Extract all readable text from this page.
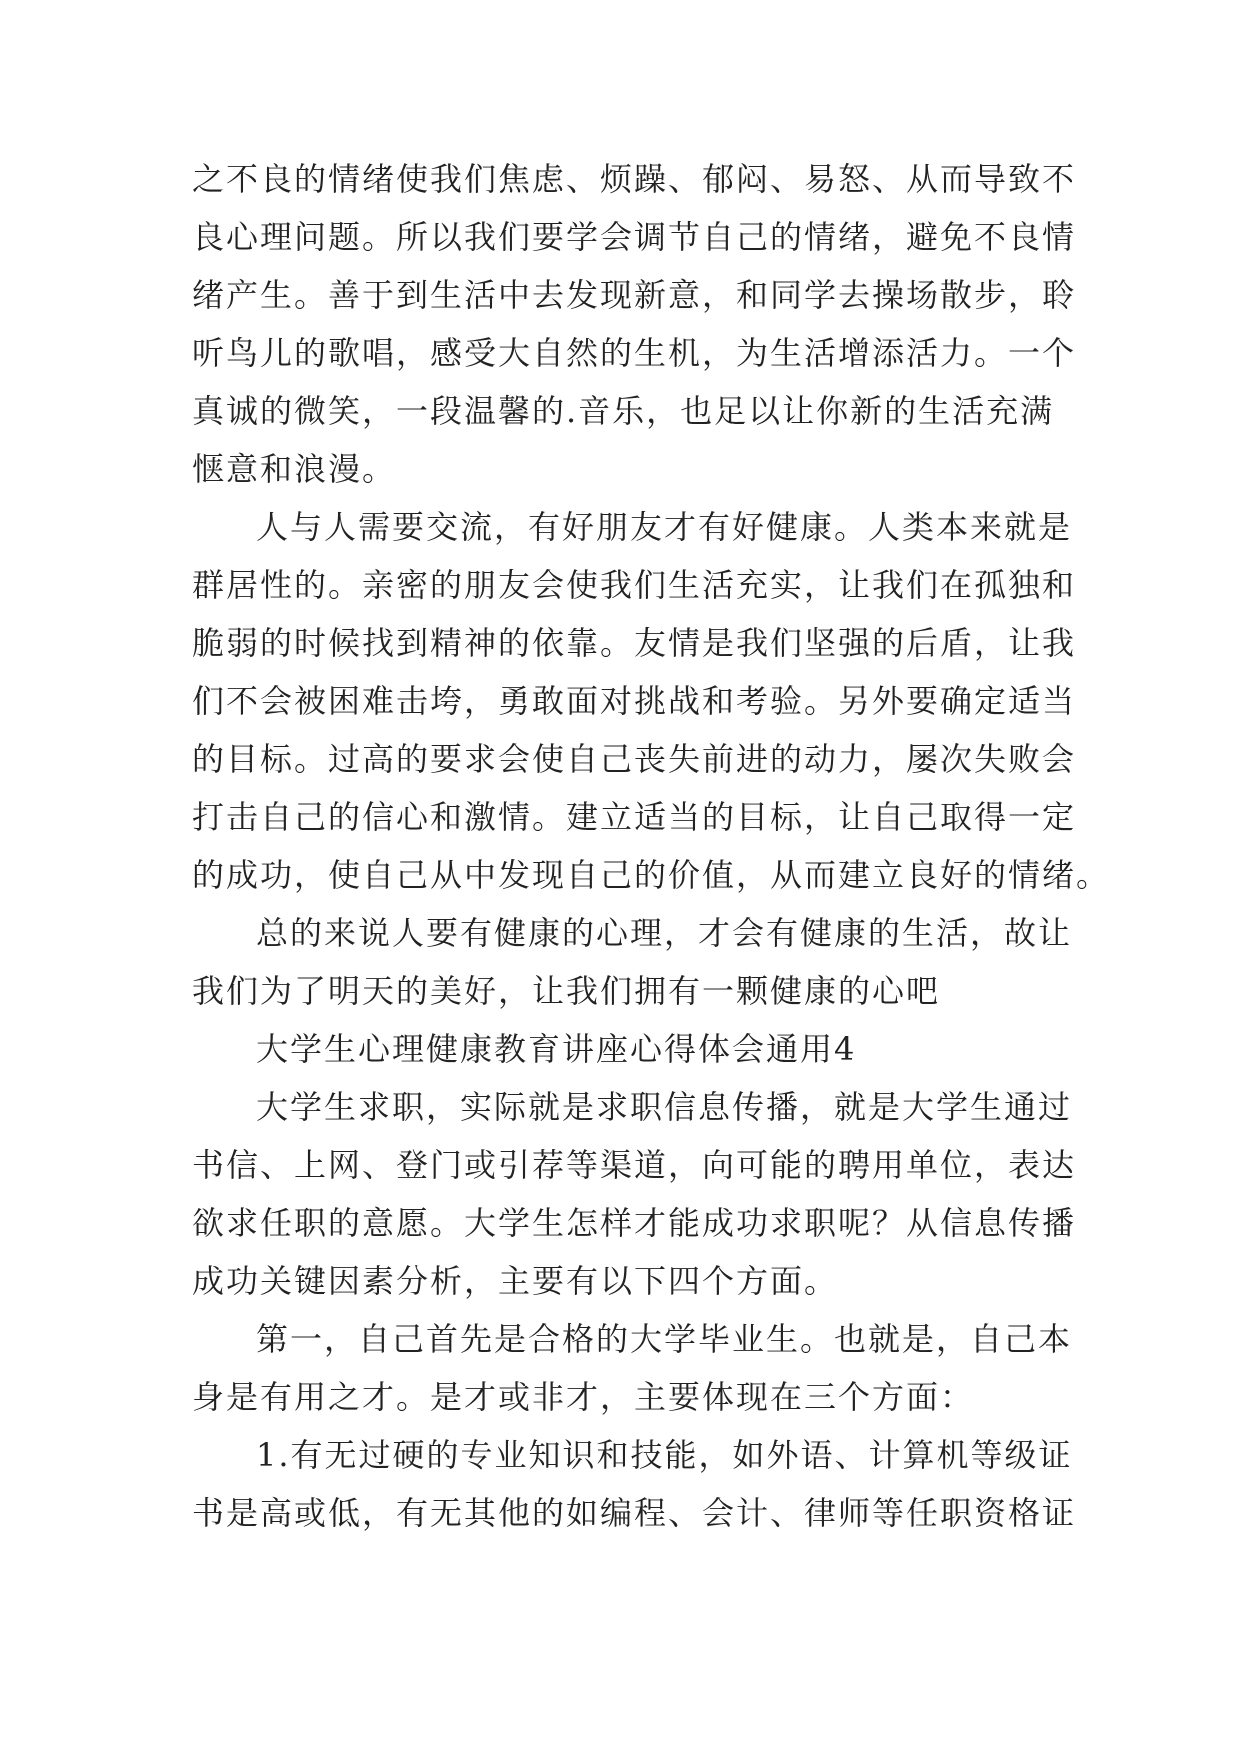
之不良的情绪使我们焦虑、烦躁、郁闷、易怒、从而导致不
良心理问题。所以我们要学会调节自己的情绪，避免不良情
绪产生。善于到生活中去发现新意，和同学去操场散步，聆
听鸟儿的歌唱，感受大自然的生机，为生活增添活力。一个
真诚的微笑，一段温馨的.音乐，也足以让你新的生活充满
惬意和浪漫。
人与人需要交流，有好朋友才有好健康。人类本来就是
群居性的。亲密的朋友会使我们生活充实，让我们在孤独和
脆弱的时候找到精神的依靠。友情是我们坚强的后盾，让我
们不会被困难击垮，勇敢面对挑战和考验。另外要确定适当
的目标。过高的要求会使自己丧失前进的动力，屡次失败会
打击自己的信心和激情。建立适当的目标，让自己取得一定
的成功，使自己从中发现自己的价值，从而建立良好的情绪。
总的来说人要有健康的心理，才会有健康的生活，故让
我们为了明天的美好，让我们拥有一颗健康的心吧
大学生心理健康教育讲座心得体会通用4
大学生求职，实际就是求职信息传播，就是大学生通过
书信、上网、登门或引荐等渠道，向可能的聘用单位，表达
欲求任职的意愿。大学生怎样才能成功求职呢？从信息传播
成功关键因素分析，主要有以下四个方面。
第一，自己首先是合格的大学毕业生。也就是，自己本
身是有用之才。是才或非才，主要体现在三个方面：
1.有无过硬的专业知识和技能，如外语、计算机等级证
书是高或低，有无其他的如编程、会计、律师等任职资格证
